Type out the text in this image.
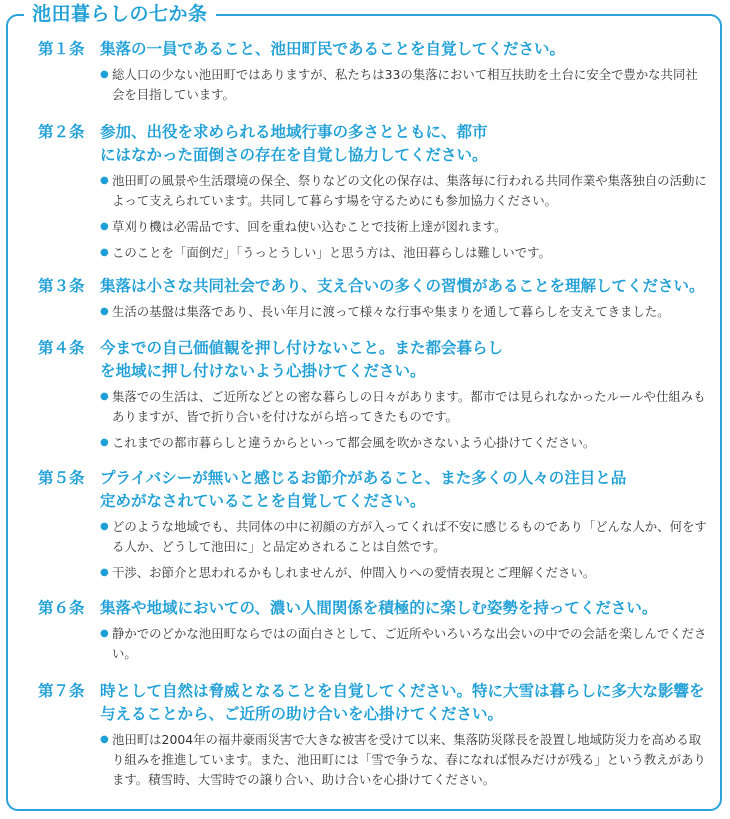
池田暮らしの七か条
第１条 集落の一員であること、池田町民であることを自覚してください。
● 総人口の少ない池田町ではありますが、私たちは33の集落において相互扶助を土台に安全で豊かな共同社会を目指しています。
第２条 参加、出役を求められる地域行事の多さとともに、都市にはなかった面倒さの存在を自覚し協力してください。
● 池田町の風景や生活環境の保全、祭りなどの文化の保存は、集落毎に行われる共同作業や集落独自の活動によって支えられています。共同して暮らす場を守るためにも参加協力ください。
● 草刈り機は必需品です、回を重ね使い込むことで技術上達が図れます。
● このことを「面倒だ」「うっとうしい」と思う方は、池田暮らしは難しいです。
第３条 集落は小さな共同社会であり、支え合いの多くの習慣があることを理解してください。
● 生活の基盤は集落であり、長い年月に渡って様々な行事や集まりを通して暮らしを支えてきました。
第４条 今までの自己価値観を押し付けないこと。また都会暮らしを地域に押し付けないよう心掛けてください。
● 集落での生活は、ご近所などとの密な暮らしの日々があります。都市では見られなかったルールや仕組みもありますが、皆で折り合いを付けながら培ってきたものです。
● これまでの都市暮らしと違うからといって都会風を吹かさないよう心掛けてください。
第５条 プライバシーが無いと感じるお節介があること、また多くの人々の注目と品定めがなされていることを自覚してください。
● どのような地域でも、共同体の中に初顔の方が入ってくれば不安に感じるものであり「どんな人か、何をする人か、どうして池田に」と品定めされることは自然です。
● 干渉、お節介と思われるかもしれませんが、仲間入りへの愛情表現とご理解ください。
第６条 集落や地域においての、濃い人間関係を積極的に楽しむ姿勢を持ってください。
● 静かでのどかな池田町ならではの面白さとして、ご近所やいろいろな出会いの中での会話を楽しんでください。
第７条 時として自然は脅威となることを自覚してください。特に大雪は暮らしに多大な影響を与えることから、ご近所の助け合いを心掛けてください。
● 池田町は2004年の福井豪雨災害で大きな被害を受けて以来、集落防災隊長を設置し地域防災力を高める取り組みを推進しています。また、池田町には「雪で争うな、春になれば恨みだけが残る」という教えがあります。積雪時、大雪時での譲り合い、助け合いを心掛けてください。
